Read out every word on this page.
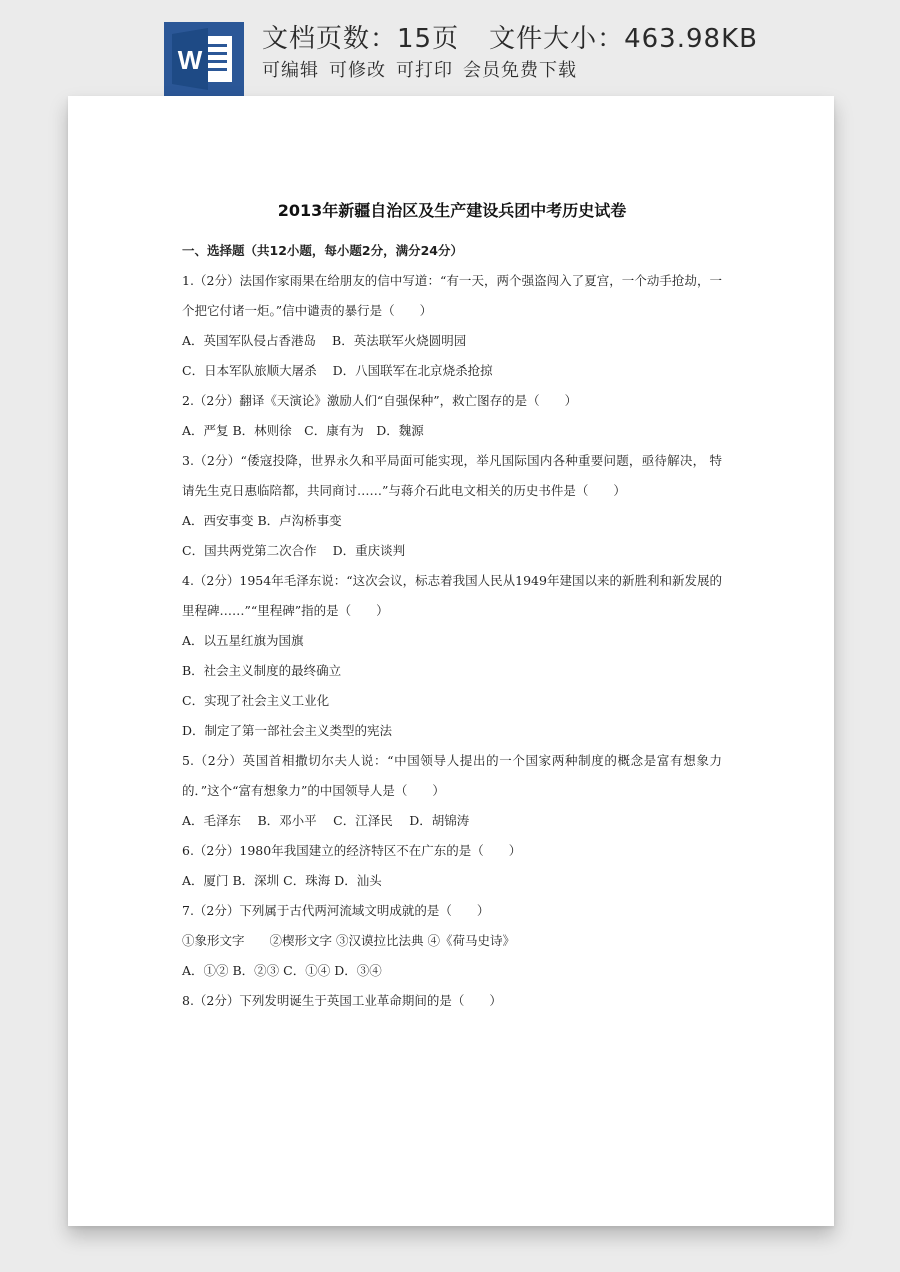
W
文档页数：15页 文件大小：463.98KB
可编辑 可修改 可打印 会员免费下载

2013年新疆自治区及生产建设兵团中考历史试卷

一、选择题（共12小题，每小题2分，满分24分）

1.（2分）法国作家雨果在给朋友的信中写道：“有一天，两个强盗闯入了夏宫，一个动手抢劫，一个把它付诸一炬。”信中谴责的暴行是（　　）

A．英国军队侵占香港岛 B．英法联军火烧圆明园

C．日本军队旅顺大屠杀 D．八国联军在北京烧杀抢掠

2.（2分）翻译《天演论》激励人们“自强保种”，救亡图存的是（　　）

A．严复 B．林则徐　C．康有为　D．魏源

3.（2分）“倭寇投降，世界永久和平局面可能实现，举凡国际国内各种重要问题，亟待解决， 特请先生克日惠临陪都，共同商讨……”与蒋介石此电文相关的历史书件是（　　）

A．西安事变 B．卢沟桥事变

C．国共两党第二次合作 D．重庆谈判

4.（2分）1954年毛泽东说：“这次会议，标志着我国人民从1949年建国以来的新胜利和新发展的里程碑……”“里程碑”指的是（　　）

A．以五星红旗为国旗

B．社会主义制度的最终确立

C．实现了社会主义工业化

D．制定了第一部社会主义类型的宪法

5.（2分）英国首相撒切尔夫人说：“中国领导人提出的一个国家两种制度的概念是富有想象力的．”这个“富有想象力”的中国领导人是（　　）

A．毛泽东　 B．邓小平　 C．江泽民　 D．胡锦涛

6.（2分）1980年我国建立的经济特区不在广东的是（　　）

A．厦门 B．深圳 C．珠海 D．汕头

7.（2分）下列属于古代两河流域文明成就的是（　　）

①象形文字　　②楔形文字 ③汉谟拉比法典 ④《荷马史诗》

A．①② B．②③ C．①④ D．③④

8.（2分）下列发明诞生于英国工业革命期间的是（　　）
